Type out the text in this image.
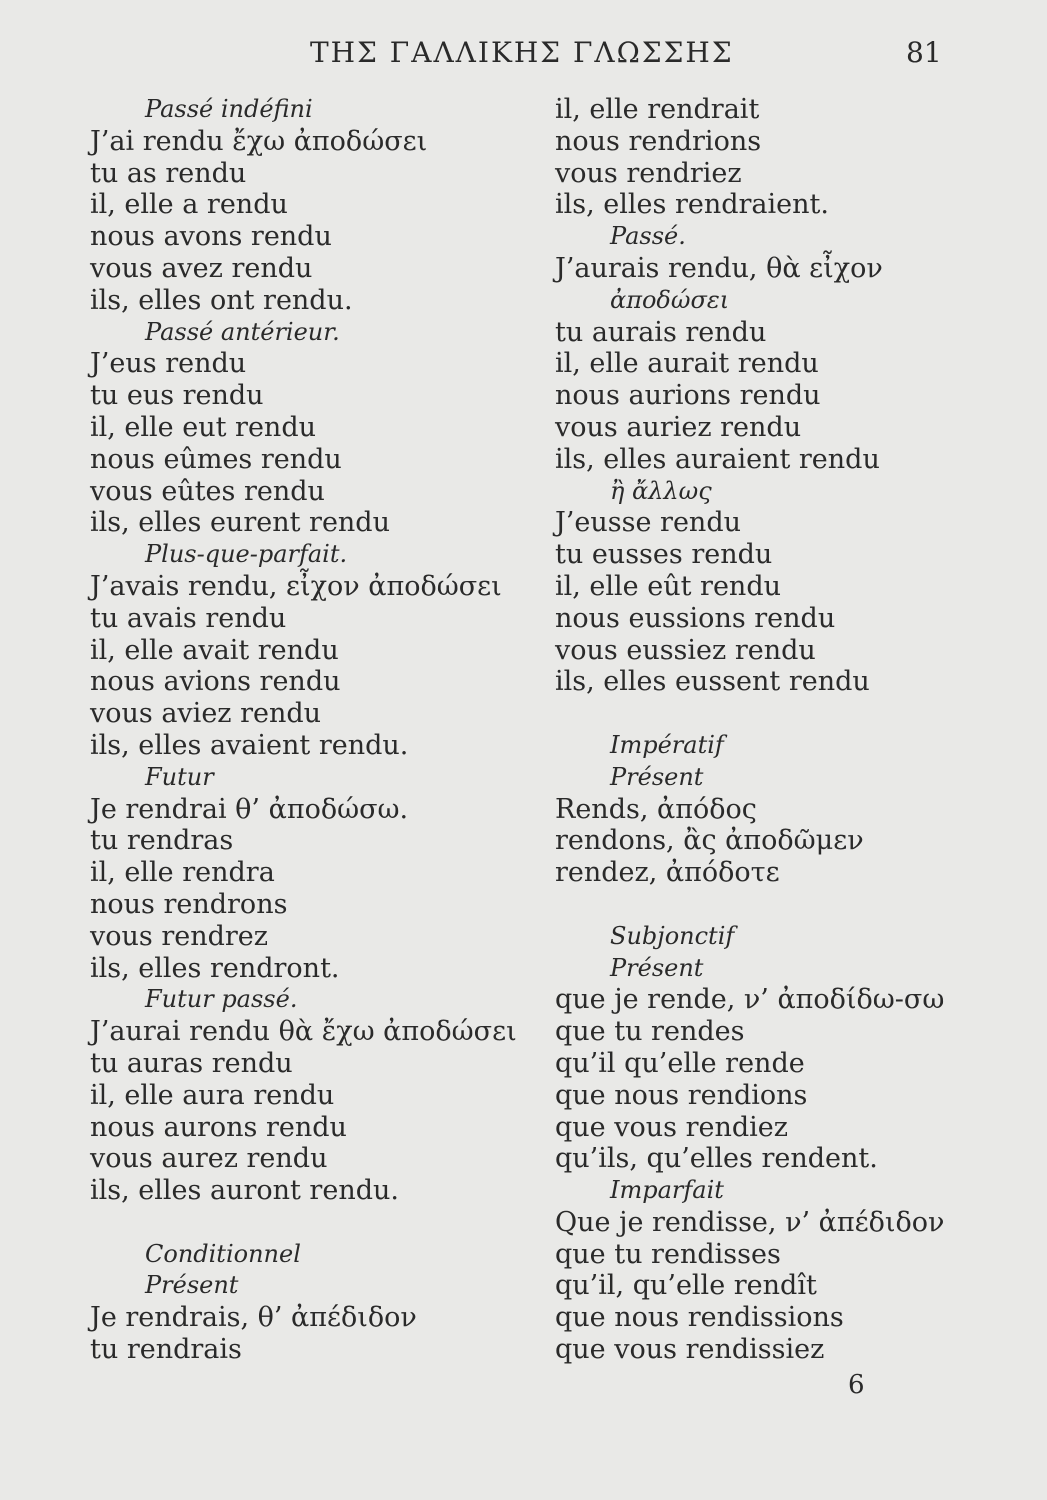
ΤΗΣ ΓΑΛΛΙΚΗΣ ΓΛΩΣΣΗΣ	81
Passé indéfini
J’ai rendu ἔχω ἀποδώσει
tu as rendu
il, elle a rendu
nous avons rendu
vous avez rendu
ils, elles ont rendu.
Passé antérieur.
J’eus rendu
tu eus rendu
il, elle eut rendu
nous eûmes rendu
vous eûtes rendu
ils, elles eurent rendu
Plus-que-parfait.
J’avais rendu, εἶχον ἀποδώσει
tu avais rendu
il, elle avait rendu
nous avions rendu
vous aviez rendu
ils, elles avaient rendu.
Futur
Je rendrai θ’ ἀποδώσω.
tu rendras
il, elle rendra
nous rendrons
vous rendrez
ils, elles rendront.
Futur passé.
J’aurai rendu θὰ ἔχω ἀποδώσει
tu auras rendu
il, elle aura rendu
nous aurons rendu
vous aurez rendu
ils, elles auront rendu.
Conditionnel
Présent
Je rendrais, θ’ ἀπέδιδον
tu rendrais
il, elle rendrait
nous rendrions
vous rendriez
ils, elles rendraient.
Passé.
J’aurais rendu, θὰ εἶχον
ἀποδώσει
tu aurais rendu
il, elle aurait rendu
nous aurions rendu
vous auriez rendu
ils, elles auraient rendu
ἢ ἄλλως
J’eusse rendu
tu eusses rendu
il, elle eût rendu
nous eussions rendu
vous eussiez rendu
ils, elles eussent rendu
Impératif
Présent
Rends, ἀπόδος
rendons, ἂς ἀποδῶμεν
rendez, ἀπόδοτε
Subjonctif
Présent
que je rende, ν’ ἀποδίδω-σω
que tu rendes
qu’il qu’elle rende
que nous rendions
que vous rendiez
qu’ils, qu’elles rendent.
Imparfait
Que je rendisse, ν’ ἀπέδιδον
que tu rendisses
qu’il, qu’elle rendît
que nous rendissions
que vous rendissiez
6
